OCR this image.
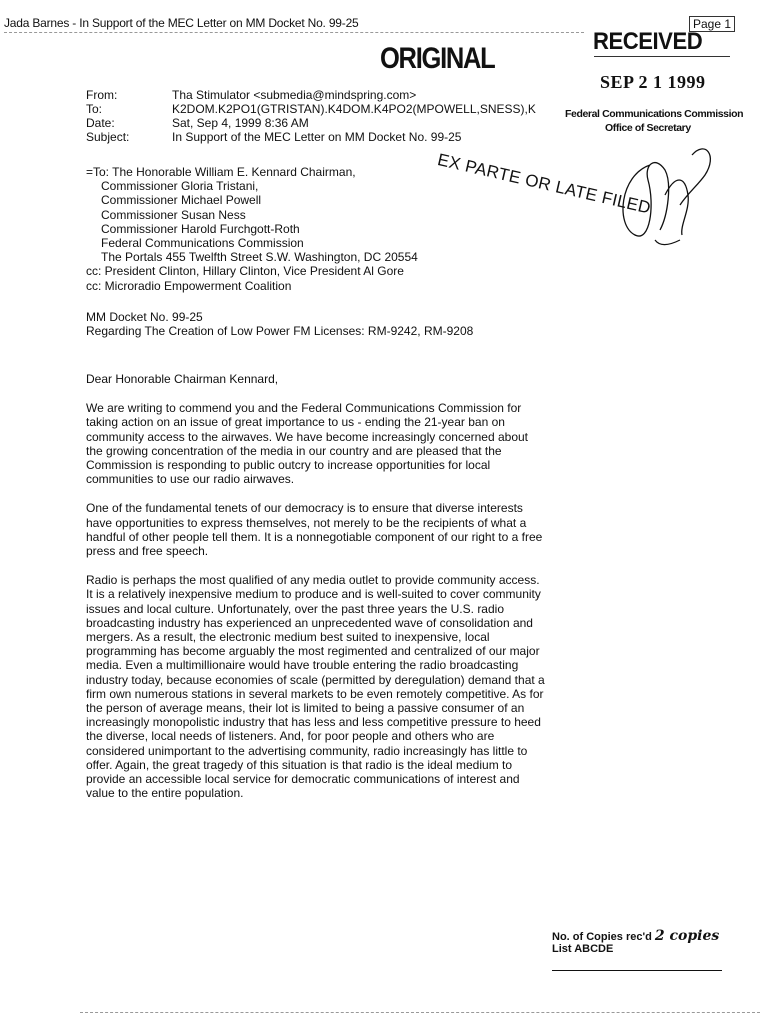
Jada Barnes - In Support of the MEC Letter on MM Docket No. 99-25	Page 1
ORIGINAL
RECEIVED
SEP 2 1 1999
Federal Communications Commission
Office of Secretary
EX PARTE OR LATE FILED
From:	Tha Stimulator <submedia@mindspring.com>
To:	K2DOM.K2PO1(GTRISTAN).K4DOM.K4PO2(MPOWELL,SNESS),K
Date:	Sat, Sep 4, 1999 8:36 AM
Subject:	In Support of the MEC Letter on MM Docket No. 99-25
=To: The Honorable William E. Kennard Chairman,
Commissioner Gloria Tristani,
Commissioner Michael Powell
Commissioner Susan Ness
Commissioner Harold Furchgott-Roth
Federal Communications Commission
The Portals 455 Twelfth Street S.W. Washington, DC 20554
cc: President Clinton, Hillary Clinton, Vice President Al Gore
cc: Microradio Empowerment Coalition
MM Docket No. 99-25
Regarding The Creation of Low Power FM Licenses: RM-9242, RM-9208

Dear Honorable Chairman Kennard,

We are writing to commend you and the Federal Communications Commission for taking action on an issue of great importance to us - ending the 21-year ban on community access to the airwaves. We have become increasingly concerned about the growing concentration of the media in our country and are pleased that the Commission is responding to public outcry to increase opportunities for local communities to use our radio airwaves.

One of the fundamental tenets of our democracy is to ensure that diverse interests have opportunities to express themselves, not merely to be the recipients of what a handful of other people tell them. It is a nonnegotiable component of our right to a free press and free speech.

Radio is perhaps the most qualified of any media outlet to provide community access. It is a relatively inexpensive medium to produce and is well-suited to cover community issues and local culture. Unfortunately, over the past three years the U.S. radio broadcasting industry has experienced an unprecedented wave of consolidation and mergers. As a result, the electronic medium best suited to inexpensive, local programming has become arguably the most regimented and centralized of our major media. Even a multimillionaire would have trouble entering the radio broadcasting industry today, because economies of scale (permitted by deregulation) demand that a firm own numerous stations in several markets to be even remotely competitive. As for the person of average means, their lot is limited to being a passive consumer of an increasingly monopolistic industry that has less and less competitive pressure to heed the diverse, local needs of listeners. And, for poor people and others who are considered unimportant to the advertising community, radio increasingly has little to offer. Again, the great tragedy of this situation is that radio is the ideal medium to provide an accessible local service for democratic communications of interest and value to the entire population.

No. of Copies rec'd 2 copies
List ABCDE
